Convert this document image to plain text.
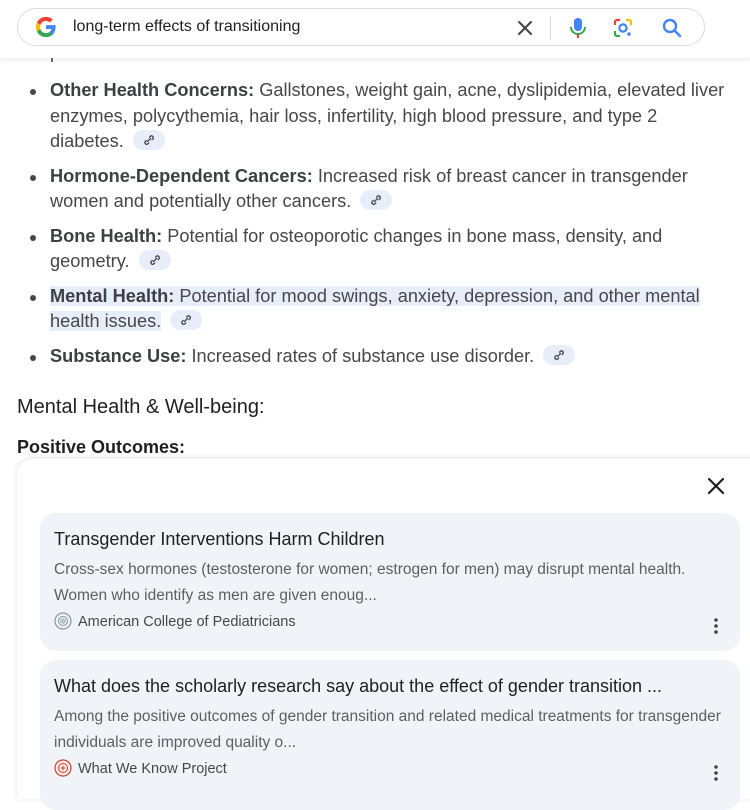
Other Health Concerns: Gallstones, weight gain, acne, dyslipidemia, elevated liver enzymes, polycythemia, hair loss, infertility, high blood pressure, and type 2 diabetes.
Hormone-Dependent Cancers: Increased risk of breast cancer in transgender women and potentially other cancers.
Bone Health: Potential for osteoporotic changes in bone mass, density, and geometry.
Mental Health: Potential for mood swings, anxiety, depression, and other mental health issues.
Substance Use: Increased rates of substance use disorder.
Mental Health & Well-being:
Positive Outcomes:
long-term effects of transitioning
Transgender Interventions Harm Children
Cross-sex hormones (testosterone for women; estrogen for men) may disrupt mental health. Women who identify as men are given enoug...
American College of Pediatricians
What does the scholarly research say about the effect of gender transition ...
Among the positive outcomes of gender transition and related medical treatments for transgender individuals are improved quality o...
What We Know Project
